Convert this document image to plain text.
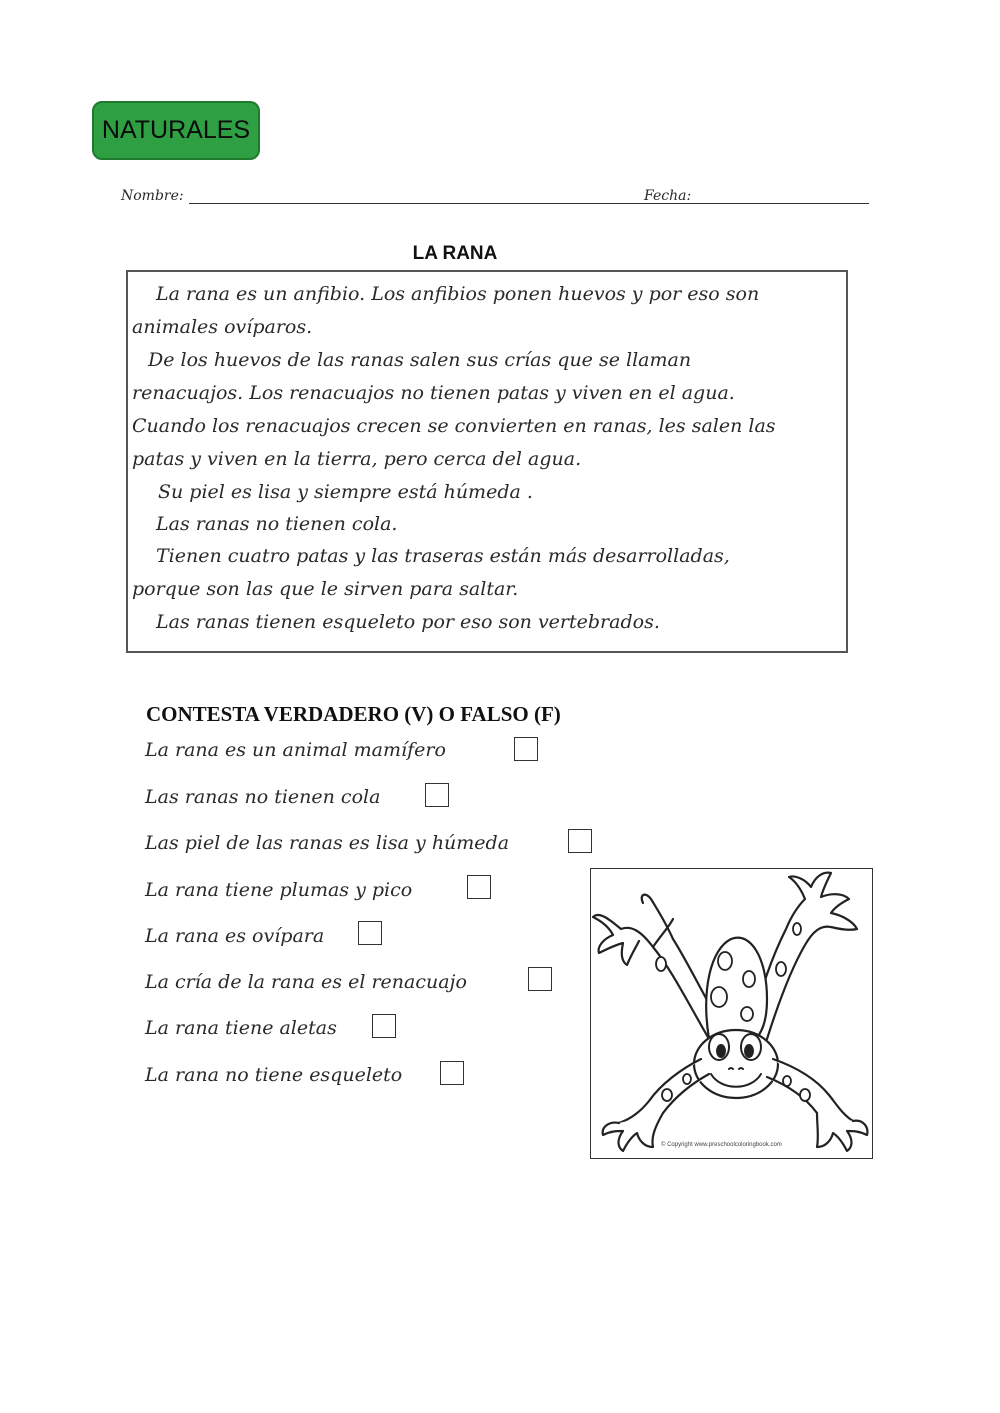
NATURALES
Nombre:	Fecha:
LA RANA
La rana es un anfibio. Los anfibios ponen huevos y por eso son
animales ovíparos.
De los huevos de las ranas salen sus crías que se llaman
renacuajos. Los renacuajos no tienen patas y viven en el agua.
Cuando los renacuajos crecen se convierten en ranas, les salen las
patas y viven en la tierra, pero cerca del agua.
Su piel es lisa y siempre está húmeda .
Las ranas no tienen cola.
Tienen cuatro patas y las traseras están más desarrolladas,
porque son las que le sirven para saltar.
Las ranas tienen esqueleto por eso son vertebrados.
CONTESTA VERDADERO (V) O FALSO (F)
La rana es un animal mamífero
Las ranas no tienen cola
Las piel de las ranas es lisa y húmeda
La rana tiene plumas y pico
La rana es ovípara
La cría de la rana es el renacuajo
La rana tiene aletas
La rana no tiene esqueleto
© Copyright www.preschoolcoloringbook.com
